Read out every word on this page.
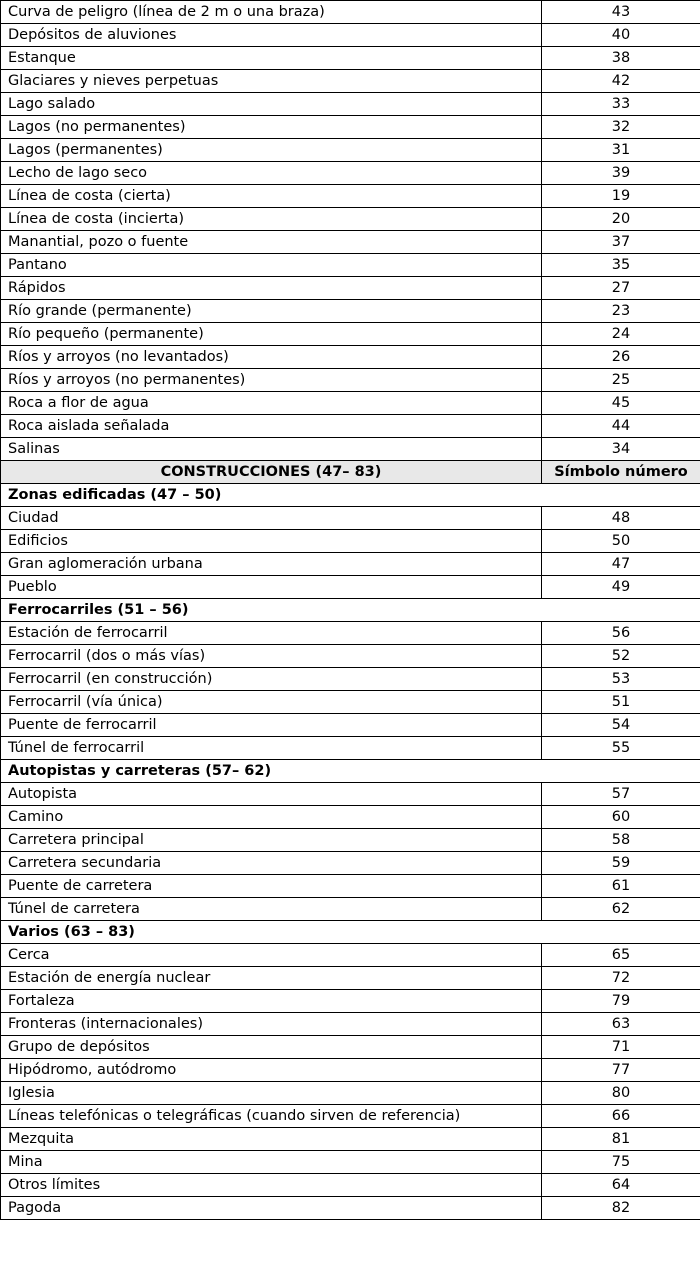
Curva de peligro (línea de 2 m o una braza)	43
Depósitos de aluviones	40
Estanque	38
Glaciares y nieves perpetuas	42
Lago salado	33
Lagos (no permanentes)	32
Lagos (permanentes)	31
Lecho de lago seco	39
Línea de costa (cierta)	19
Línea de costa (incierta)	20
Manantial, pozo o fuente	37
Pantano	35
Rápidos	27
Río grande (permanente)	23
Río pequeño (permanente)	24
Ríos y arroyos (no levantados)	26
Ríos y arroyos (no permanentes)	25
Roca a flor de agua	45
Roca aislada señalada	44
Salinas	34
CONSTRUCCIONES (47– 83)	Símbolo número
Zonas edificadas (47 – 50)	
Ciudad	48
Edificios	50
Gran aglomeración urbana	47
Pueblo	49
Ferrocarriles (51 – 56)	
Estación de ferrocarril	56
Ferrocarril (dos o más vías)	52
Ferrocarril (en construcción)	53
Ferrocarril (vía única)	51
Puente de ferrocarril	54
Túnel de ferrocarril	55
Autopistas y carreteras (57– 62)	
Autopista	57
Camino	60
Carretera principal	58
Carretera secundaria	59
Puente de carretera	61
Túnel de carretera	62
Varios (63 – 83)	
Cerca	65
Estación de energía nuclear	72
Fortaleza	79
Fronteras (internacionales)	63
Grupo de depósitos	71
Hipódromo, autódromo	77
Iglesia	80
Líneas telefónicas o telegráficas (cuando sirven de referencia)	66
Mezquita	81
Mina	75
Otros límites	64
Pagoda	82
